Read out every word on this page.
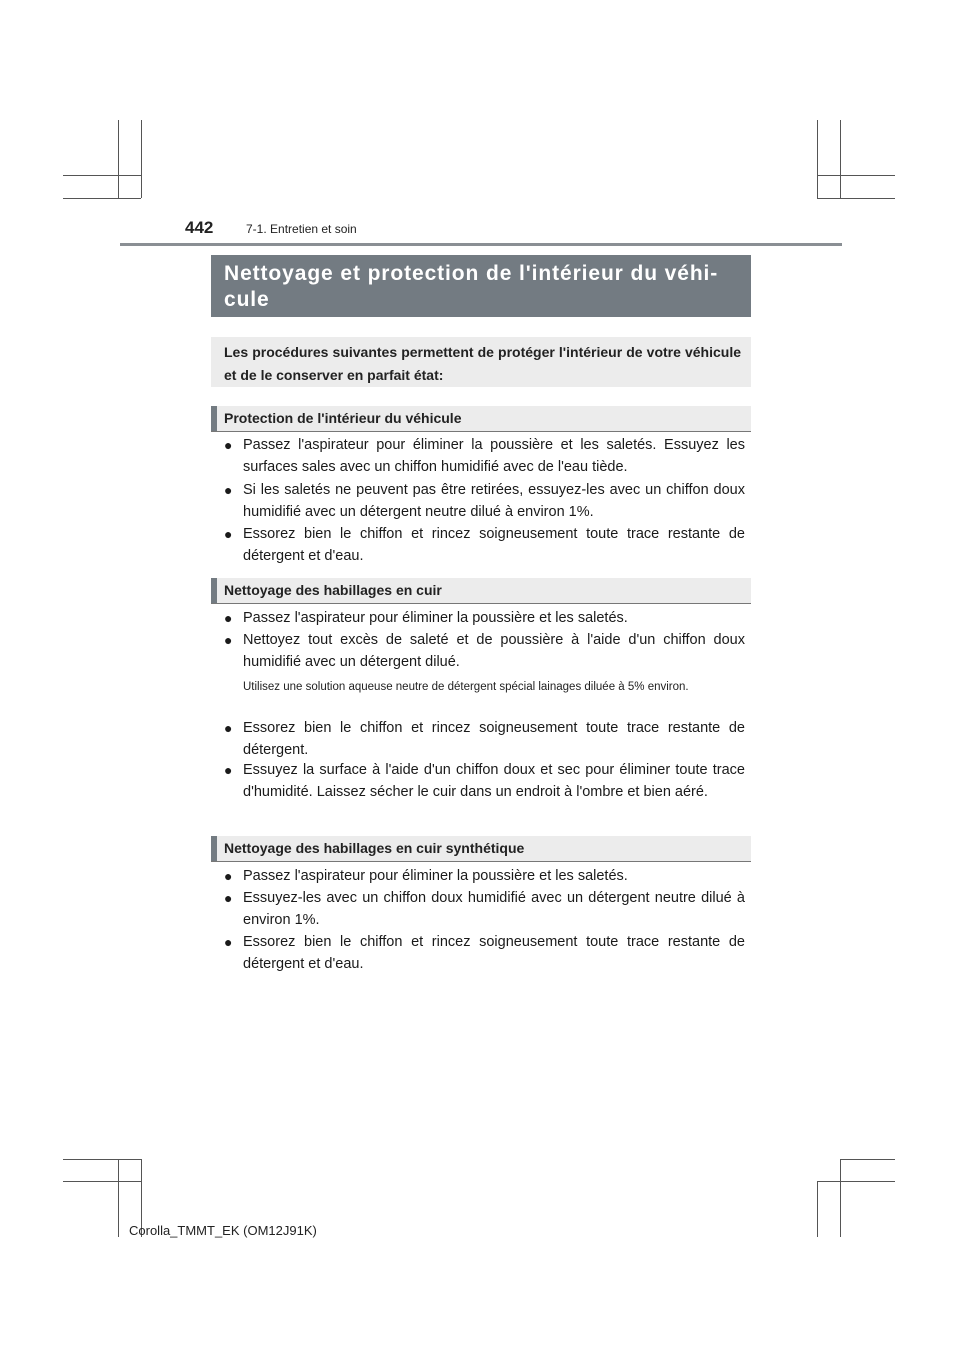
442	7-1. Entretien et soin
Nettoyage et protection de l'intérieur du véhi-
cule
Les procédures suivantes permettent de protéger l'intérieur de votre véhicule et de le conserver en parfait état:
Protection de l'intérieur du véhicule
● Passez l'aspirateur pour éliminer la poussière et les saletés. Essuyez les surfaces sales avec un chiffon humidifié avec de l'eau tiède.
● Si les saletés ne peuvent pas être retirées, essuyez-les avec un chiffon doux humidifié avec un détergent neutre dilué à environ 1%.
● Essorez bien le chiffon et rincez soigneusement toute trace restante de détergent et d'eau.
Nettoyage des habillages en cuir
● Passez l'aspirateur pour éliminer la poussière et les saletés.
● Nettoyez tout excès de saleté et de poussière à l'aide d'un chiffon doux humidifié avec un détergent dilué.
Utilisez une solution aqueuse neutre de détergent spécial lainages diluée à 5% environ.
● Essorez bien le chiffon et rincez soigneusement toute trace restante de détergent.
● Essuyez la surface à l'aide d'un chiffon doux et sec pour éliminer toute trace d'humidité. Laissez sécher le cuir dans un endroit à l'ombre et bien aéré.
Nettoyage des habillages en cuir synthétique
● Passez l'aspirateur pour éliminer la poussière et les saletés.
● Essuyez-les avec un chiffon doux humidifié avec un détergent neutre dilué à environ 1%.
● Essorez bien le chiffon et rincez soigneusement toute trace restante de détergent et d'eau.
Corolla_TMMT_EK (OM12J91K)
